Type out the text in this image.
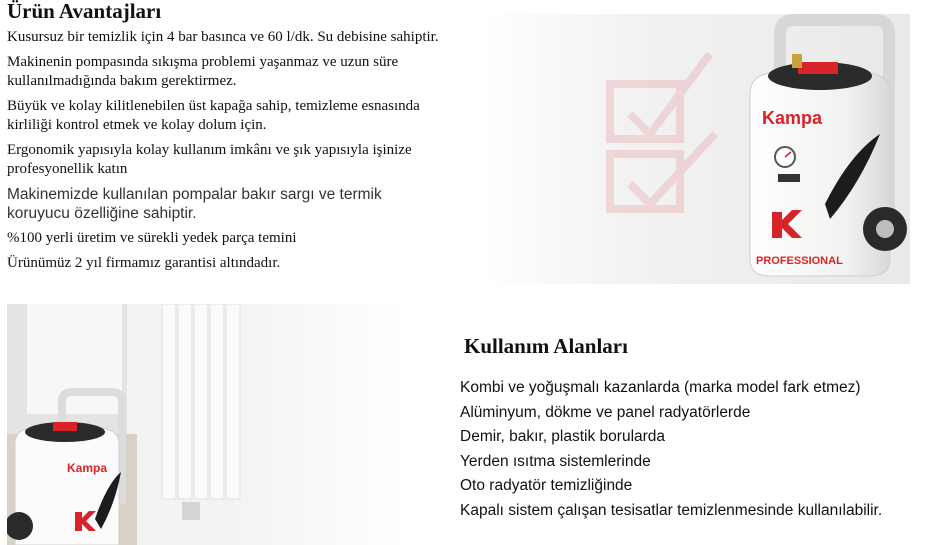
Ürün Avantajları

Kusursuz bir temizlik için 4 bar basınca ve 60 l/dk. Su debisine sahiptir.

Makinenin pompasında sıkışma problemi yaşanmaz ve uzun süre kullanılmadığında bakım gerektirmez.

Büyük ve kolay kilitlenebilen üst kapağa sahip, temizleme esnasında kirliliği kontrol etmek ve kolay dolum için.

Ergonomik yapısıyla kolay kullanım imkânı ve şık yapısıyla işinize profesyonellik katın

Makinemizde kullanılan pompalar bakır sargı ve termik koruyucu özelliğine sahiptir.

%100 yerli üretim ve sürekli yedek parça temini

Ürünümüz 2 yıl firmamız garantisi altındadır.

Kampa
PROFESSIONAL
Kullanım Alanları
Kombi ve yoğuşmalı kazanlarda (marka model fark etmez)
Alüminyum, dökme ve panel radyatörlerde
Demir, bakır, plastik borularda
Yerden ısıtma sistemlerinde
Oto radyatör temizliğinde
Kapalı sistem çalışan tesisatlar temizlenmesinde kullanılabilir.
